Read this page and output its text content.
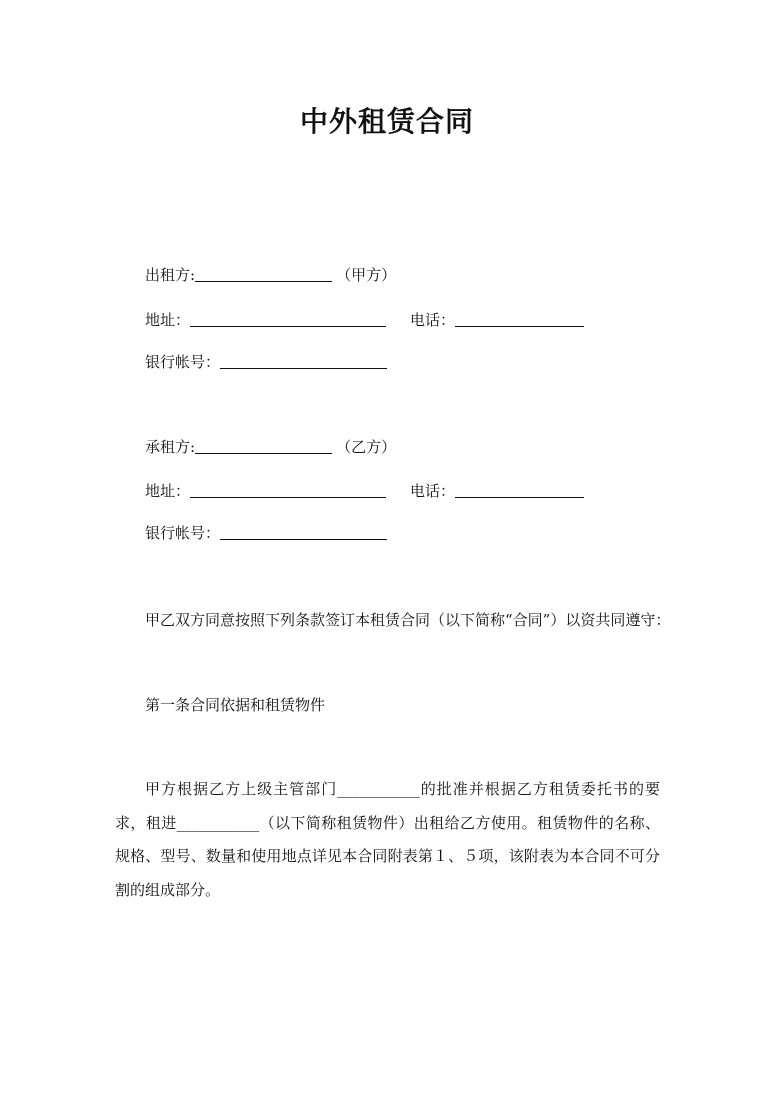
中外租赁合同
出租方:	（甲方）
地址：	电话：
银行帐号：
承租方:	（乙方）
地址：	电话：
银行帐号：
甲乙双方同意按照下列条款签订本租赁合同（以下简称“合同”）以资共同遵守：
第一条合同依据和租赁物件
甲方根据乙方上级主管部门___________的批准并根据乙方租赁委托书的要求，租进___________（以下简称租赁物件）出租给乙方使用。租赁物件的名称、规格、型号、数量和使用地点详见本合同附表第１、５项，该附表为本合同不可分割的组成部分。
